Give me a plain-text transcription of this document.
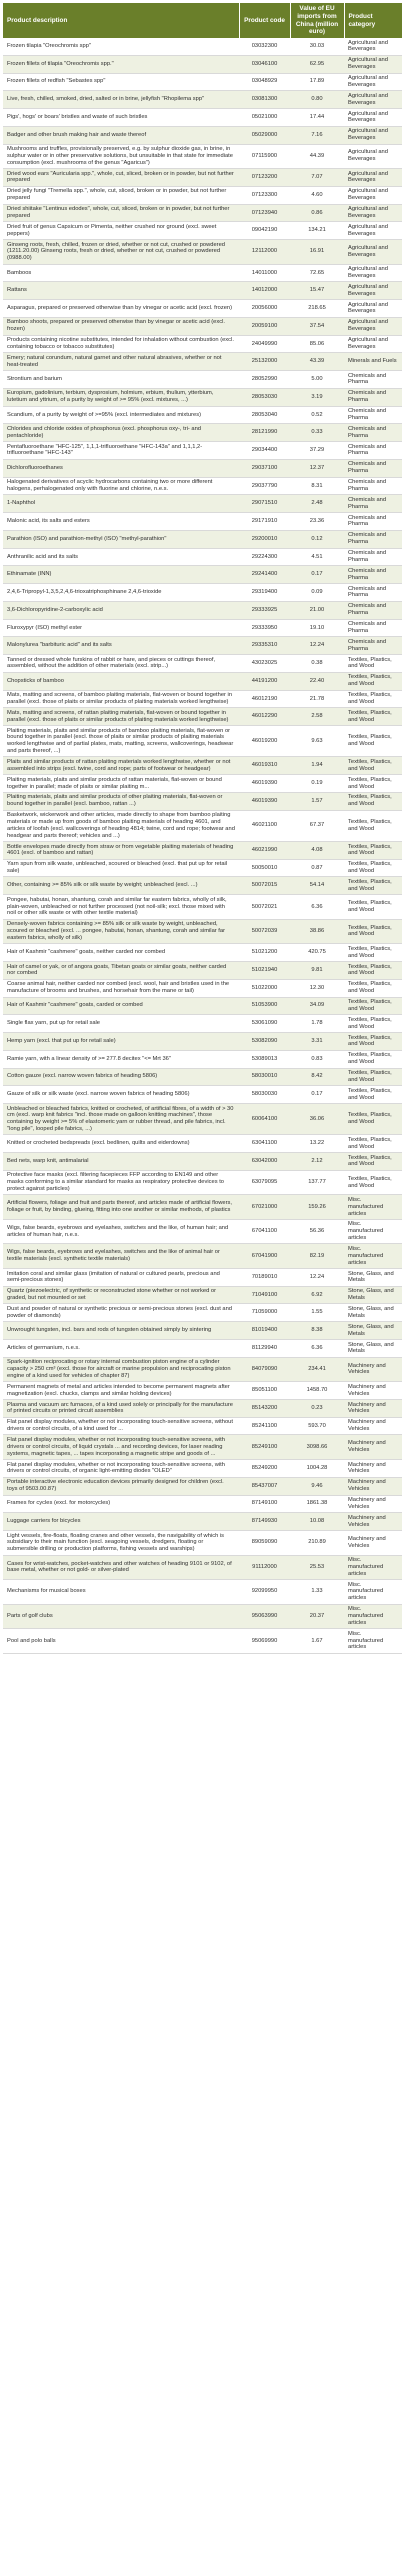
Product description	Product code	Value of EU imports from China (million euro)	Product category
Frozen tilapia "Oreochromis spp"	03032300	30.03	Agricultural and Beverages
Frozen fillets of tilapia "Oreochromis spp."	03046100	62.95	Agricultural and Beverages
Frozen fillets of redfish "Sebastes spp"	03048929	17.89	Agricultural and Beverages
Live, fresh, chilled, smoked, dried, salted or in brine, jellyfish "Rhopilema spp"	03081300	0.80	Agricultural and Beverages
Pigs', hogs' or boars' bristles and waste of such bristles	05021000	17.44	Agricultural and Beverages
Badger and other brush making hair and waste thereof	05029000	7.16	Agricultural and Beverages
Mushrooms and truffles, provisionally preserved, e.g. by sulphur dioxide gas, in brine, in sulphur water or in other preservative solutions, but unsuitable in that state for immediate consumption (excl. mushrooms of the genus "Agaricus")	07115900	44.39	Agricultural and Beverages
Dried wood ears "Auricularia spp.", whole, cut, sliced, broken or in powder, but not further prepared	07123200	7.07	Agricultural and Beverages
Dried jelly fungi "Tremella spp.", whole, cut, sliced, broken or in powder, but not further prepared	07123300	4.60	Agricultural and Beverages
Dried shiitake "Lentinus edodes", whole, cut, sliced, broken or in powder, but not further prepared	07123940	0.86	Agricultural and Beverages
Dried fruit of genus Capsicum or Pimenta, neither crushed nor ground (excl. sweet peppers)	09042190	134.21	Agricultural and Beverages
Ginseng roots, fresh, chilled, frozen or dried, whether or not cut, crushed or powdered (1211.20.00) Ginseng roots, fresh or dried, whether or not cut, crushed or powdered (0988.00)	12112000	16.91	Agricultural and Beverages
Bamboos	14011000	72.65	Agricultural and Beverages
Rattans	14012000	15.47	Agricultural and Beverages
Asparagus, prepared or preserved otherwise than by vinegar or acetic acid (excl. frozen)	20056000	218.65	Agricultural and Beverages
Bamboo shoots, prepared or preserved otherwise than by vinegar or acetic acid (excl. frozen)	20059100	37.54	Agricultural and Beverages
Products containing nicotine substitutes, intended for inhalation without combustion (excl. containing tobacco or tobacco substitutes)	24049990	85.06	Agricultural and Beverages
Emery; natural corundum, natural garnet and other natural abrasives, whether or not heat-treated	25132000	43.39	Minerals and Fuels
Strontium and barium	28052990	5.00	Chemicals and Pharma
Europium, gadolinium, terbium, dysprosium, holmium, erbium, thulium, ytterbium, lutetium and yttrium, of a purity by weight of >= 95% (excl. mixtures, ...)	28053030	3.19	Chemicals and Pharma
Scandium, of a purity by weight of >=95% (excl. intermediates and mixtures)	28053040	0.52	Chemicals and Pharma
Chlorides and chloride oxides of phosphorus (excl. phosphorus oxy-, tri- and pentachloride)	28121990	0.33	Chemicals and Pharma
Pentafluoroethane "HFC-125", 1,1,1-trifluoroethane "HFC-143a" and 1,1,1,2-trifluoroethane "HFC-143"	29034400	37.29	Chemicals and Pharma
Dichlorofluoroethanes	29037100	12.37	Chemicals and Pharma
Halogenated derivatives of acyclic hydrocarbons containing two or more different halogens, perhalogenated only with fluorine and chlorine, n.e.s.	29037790	8.31	Chemicals and Pharma
1-Naphthol	29071510	2.48	Chemicals and Pharma
Malonic acid, its salts and esters	29171910	23.36	Chemicals and Pharma
Parathion (ISO) and parathion-methyl (ISO) "methyl-parathion"	29200010	0.12	Chemicals and Pharma
Anthranilic acid and its salts	29224300	4.51	Chemicals and Pharma
Ethinamate (INN)	29241400	0.17	Chemicals and Pharma
2,4,6-Tripropyl-1,3,5,2,4,6-trioxatriphosphinane 2,4,6-trioxide	29319400	0.09	Chemicals and Pharma
3,6-Dichloropyridine-2-carboxylic acid	29333925	21.00	Chemicals and Pharma
Fluroxypyr (ISO) methyl ester	29333950	19.10	Chemicals and Pharma
Malonylurea "barbituric acid" and its salts	29335310	12.24	Chemicals and Pharma
Tanned or dressed whole furskins of rabbit or hare, and pieces or cuttings thereof, assembled, without the addition of other materials (excl. strip...)	43023025	0.38	Textiles, Plastics, and Wood
Chopsticks of bamboo	44191200	22.40	Textiles, Plastics, and Wood
Mats, matting and screens, of bamboo plaiting materials, flat-woven or bound together in parallel (excl. those of plaits or similar products of plaiting materials worked lengthwise)	46012190	21.78	Textiles, Plastics, and Wood
Mats, matting and screens, of rattan plaiting materials, flat-woven or bound together in parallel (excl. those of plaits or similar products of plaiting materials worked lengthwise)	46012290	2.58	Textiles, Plastics, and Wood
Plaiting materials, plaits and similar products of bamboo plaiting materials, flat-woven or bound together in parallel (excl. those of plaits or similar products of plaiting materials worked lengthwise and of partial plates, mats, matting, screens, wallcoverings, headwear and parts thereof, ...)	46019200	9.63	Textiles, Plastics, and Wood
Plaits and similar products of rattan plaiting materials worked lengthwise, whether or not assembled into strips (excl. twine, cord and rope; parts of footwear or headgear)	46019310	1.94	Textiles, Plastics, and Wood
Plaiting materials, plaits and similar products of rattan materials, flat-woven or bound together in parallel; made of plaits or similar plaiting m...	46019390	0.19	Textiles, Plastics, and Wood
Plaiting materials, plaits and similar products of other plaiting materials, flat-woven or bound together in parallel (excl. bamboo, rattan ...)	46019390	1.57	Textiles, Plastics, and Wood
Basketwork, wickerwork and other articles, made directly to shape from bamboo plaiting materials or made up from goods of bamboo plaiting materials of heading 4601, and articles of loofah (excl. wallcoverings of heading 4814; twine, cord and rope; footwear and headgear and parts thereof; vehicles and ...)	46021100	67.37	Textiles, Plastics, and Wood
Bottle envelopes made directly from straw or from vegetable plaiting materials of heading 4601 (excl. of bamboo and rattan)	46021990	4.08	Textiles, Plastics, and Wood
Yarn spun from silk waste, unbleached, scoured or bleached (excl. that put up for retail sale)	50050010	0.87	Textiles, Plastics, and Wood
Other, containing >= 85% silk or silk waste by weight; unbleached (excl. ...)	50072015	54.14	Textiles, Plastics, and Wood
Pongee, habutai, honan, shantung, corah and similar far eastern fabrics, wholly of silk, plain-woven, unbleached or not further processed (not noil-silk; excl. those mixed with noil or other silk waste or with other textile material)	50072021	6.36	Textiles, Plastics, and Wood
Densely-woven fabrics containing >= 85% silk or silk waste by weight, unbleached, scoured or bleached (excl. ... pongee, habutai, honan, shantung, corah and similar far eastern fabrics, wholly of silk)	50072039	38.86	Textiles, Plastics, and Wood
Hair of Kashmir "cashmere" goats, neither carded nor combed	51021200	420.75	Textiles, Plastics, and Wood
Hair of camel or yak, or of angora goats, Tibetan goats or similar goats, neither carded nor combed	51021940	9.81	Textiles, Plastics, and Wood
Coarse animal hair, neither carded nor combed (excl. wool, hair and bristles used in the manufacture of brooms and brushes, and horsehair from the mane or tail)	51022000	12.30	Textiles, Plastics, and Wood
Hair of Kashmir "cashmere" goats, carded or combed	51053900	34.09	Textiles, Plastics, and Wood
Single flax yarn, put up for retail sale	53061090	1.78	Textiles, Plastics, and Wood
Hemp yarn (excl. that put up for retail sale)	53082090	3.31	Textiles, Plastics, and Wood
Ramie yarn, with a linear density of >= 277.8 decitex "<= Mrt 36"	53089013	0.83	Textiles, Plastics, and Wood
Cotton gauze (excl. narrow woven fabrics of heading 5806)	58030010	8.42	Textiles, Plastics, and Wood
Gauze of silk or silk waste (excl. narrow woven fabrics of heading 5806)	58030030	0.17	Textiles, Plastics, and Wood
Unbleached or bleached fabrics, knitted or crocheted, of artificial fibres, of a width of > 30 cm (excl. warp knit fabrics "incl. those made on galloon knitting machines", those containing by weight >= 5% of elastomeric yarn or rubber thread, and pile fabrics, incl. "long pile", looped pile fabrics, ...)	60064100	36.06	Textiles, Plastics, and Wood
Knitted or crocheted bedspreads (excl. bedlinen, quilts and eiderdowns)	63041100	13.22	Textiles, Plastics, and Wood
Bed nets, warp knit, antimalarial	63042000	2.12	Textiles, Plastics, and Wood
Protective face masks (excl. filtering facepieces FFP according to EN149 and other masks conforming to a similar standard for masks as respiratory protective devices to protect against particles)	63079095	137.77	Textiles, Plastics, and Wood
Artificial flowers, foliage and fruit and parts thereof, and articles made of artificial flowers, foliage or fruit, by binding, glueing, fitting into one another or similar methods, of plastics	67021000	159.26	Misc. manufactured articles
Wigs, false beards, eyebrows and eyelashes, switches and the like, of human hair; and articles of human hair, n.e.s.	67041100	56.36	Misc. manufactured articles
Wigs, false beards, eyebrows and eyelashes, switches and the like of animal hair or textile materials (excl. synthetic textile materials)	67041900	82.19	Misc. manufactured articles
Imitation coral and similar glass (imitation of natural or cultured pearls, precious and semi-precious stones)	70189010	12.24	Stone, Glass, and Metals
Quartz (piezoelectric, of synthetic or reconstructed stone whether or not worked or graded, but not mounted or set	71049100	6.92	Stone, Glass, and Metals
Dust and powder of natural or synthetic precious or semi-precious stones (excl. dust and powder of diamonds)	71059000	1.55	Stone, Glass, and Metals
Unwrought tungsten, incl. bars and rods of tungsten obtained simply by sintering	81019400	8.38	Stone, Glass, and Metals
Articles of germanium, n.e.s.	81129940	6.36	Stone, Glass, and Metals
Spark-ignition reciprocating or rotary internal combustion piston engine of a cylinder capacity > 250 cm³ (excl. those for aircraft or marine propulsion and reciprocating piston engine of a kind used for vehicles of chapter 87)	84079090	234.41	Machinery and Vehicles
Permanent magnets of metal and articles intended to become permanent magnets after magnetization (excl. chucks, clamps and similar holding devices)	85051100	1458.70	Machinery and Vehicles
Plasma and vacuum arc furnaces, of a kind used solely or principally for the manufacture of printed circuits or printed circuit assemblies	85143200	0.23	Machinery and Vehicles
Flat panel display modules, whether or not incorporating touch-sensitive screens, without drivers or control circuits, of a kind used for ...	85241100	593.70	Machinery and Vehicles
Flat panel display modules, whether or not incorporating touch-sensitive screens, with drivers or control circuits, of liquid crystals ... and recording devices, for laser reading systems, magnetic tapes, ... tapes incorporating a magnetic stripe and goods of ...	85249100	3098.66	Machinery and Vehicles
Flat panel display modules, whether or not incorporating touch-sensitive screens, with drivers or control circuits, of organic light-emitting diodes "OLED"	85249200	1004.28	Machinery and Vehicles
Portable interactive electronic education devices primarily designed for children (excl. toys of 9503.00.87)	85437007	9.46	Machinery and Vehicles
Frames for cycles (excl. for motorcycles)	87149100	1861.38	Machinery and Vehicles
Luggage carriers for bicycles	87149930	10.08	Machinery and Vehicles
Light vessels, fire-floats, floating cranes and other vessels, the navigability of which is subsidiary to their main function (excl. seagoing vessels, dredgers, floating or submersible drilling or production platforms, fishing vessels and warships)	89059090	210.89	Machinery and Vehicles
Cases for wrist-watches, pocket-watches and other watches of heading 9101 or 9102, of base metal, whether or not gold- or silver-plated	91112000	25.53	Misc. manufactured articles
Mechanisms for musical boxes	92099950	1.33	Misc. manufactured articles
Parts of golf clubs	95063990	20.37	Misc. manufactured articles
Pool and polo balls	95069990	1.67	Misc. manufactured articles
